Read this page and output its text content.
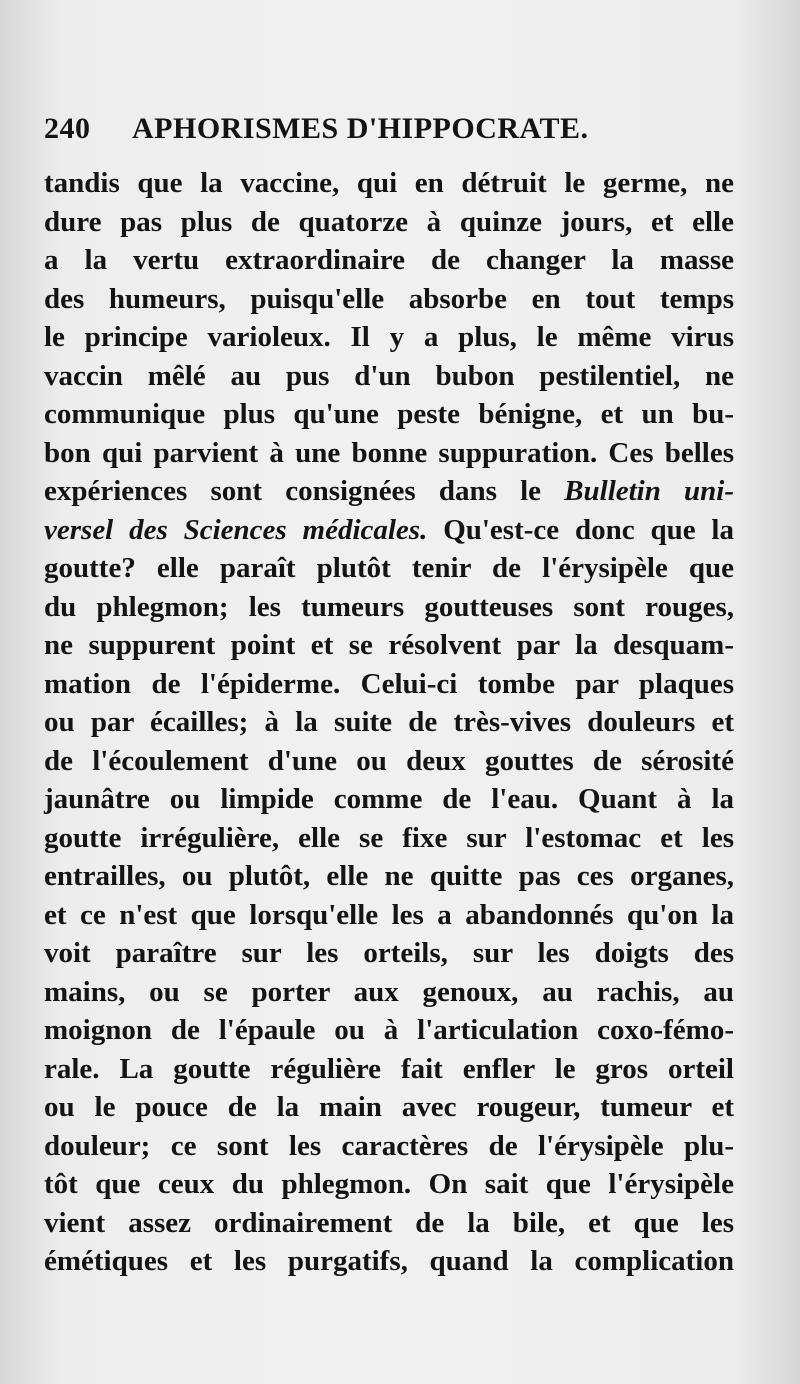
240 APHORISMES D'HIPPOCRATE.
tandis que la vaccine, qui en détruit le germe, ne
dure pas plus de quatorze à quinze jours, et elle
a la vertu extraordinaire de changer la masse
des humeurs, puisqu'elle absorbe en tout temps
le principe varioleux. Il y a plus, le même virus
vaccin mêlé au pus d'un bubon pestilentiel, ne
communique plus qu'une peste bénigne, et un bu-
bon qui parvient à une bonne suppuration. Ces belles
expériences sont consignées dans le Bulletin uni-
versel des Sciences médicales. Qu'est-ce donc que la
goutte? elle paraît plutôt tenir de l'érysipèle que
du phlegmon; les tumeurs goutteuses sont rouges,
ne suppurent point et se résolvent par la desquam-
mation de l'épiderme. Celui-ci tombe par plaques
ou par écailles; à la suite de très-vives douleurs et
de l'écoulement d'une ou deux gouttes de sérosité
jaunâtre ou limpide comme de l'eau. Quant à la
goutte irrégulière, elle se fixe sur l'estomac et les
entrailles, ou plutôt, elle ne quitte pas ces organes,
et ce n'est que lorsqu'elle les a abandonnés qu'on la
voit paraître sur les orteils, sur les doigts des
mains, ou se porter aux genoux, au rachis, au
moignon de l'épaule ou à l'articulation coxo-fémo-
rale. La goutte régulière fait enfler le gros orteil
ou le pouce de la main avec rougeur, tumeur et
douleur; ce sont les caractères de l'érysipèle plu-
tôt que ceux du phlegmon. On sait que l'érysipèle
vient assez ordinairement de la bile, et que les
émétiques et les purgatifs, quand la complication
